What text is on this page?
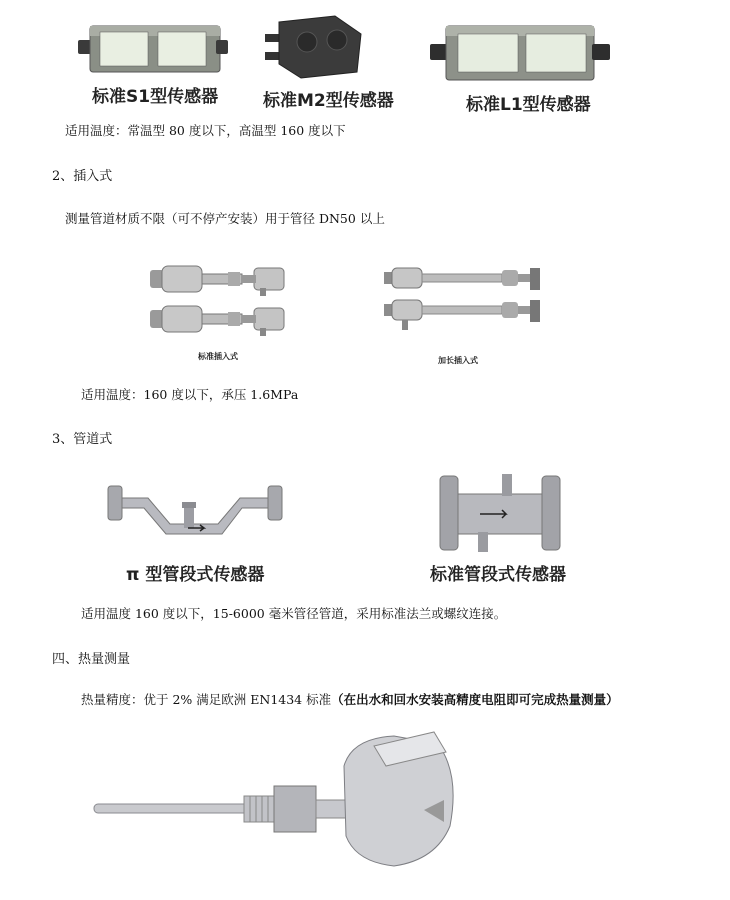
标准S1型传感器	标准M2型传感器	标准L1型传感器
适用温度：常温型 80 度以下，高温型 160 度以下
2、插入式
测量管道材质不限（可不停产安装）用于管径 DN50 以上
标准插入式	加长插入式
适用温度：160 度以下，承压 1.6MPa
3、管道式
π 型管段式传感器	标准管段式传感器
适用温度 160 度以下，15-6000 毫米管径管道，采用标准法兰或螺纹连接。
四、热量测量
热量精度：优于 2% 满足欧洲 EN1434 标准（在出水和回水安装高精度电阻即可完成热量测量）
